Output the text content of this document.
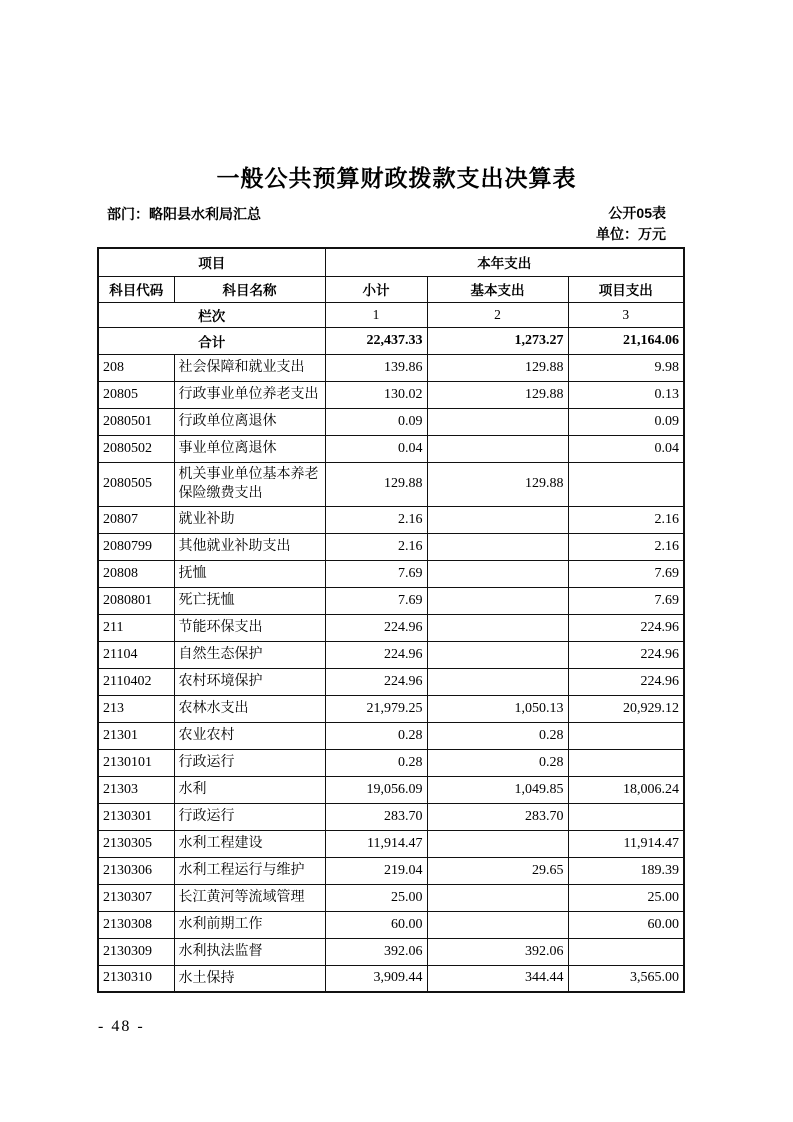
一般公共预算财政拨款支出决算表
部门：略阳县水利局汇总	公开05表
单位：万元
项目		本年支出		
科目代码	科目名称	小计	基本支出	项目支出
栏次		1	2	3
合计		22,437.33	1,273.27	21,164.06
208	社会保障和就业支出	139.86	129.88	9.98
20805	行政事业单位养老支出	130.02	129.88	0.13
2080501	行政单位离退休	0.09		0.09
2080502	事业单位离退休	0.04		0.04
2080505	机关事业单位基本养老保险缴费支出	129.88	129.88	
20807	就业补助	2.16		2.16
2080799	其他就业补助支出	2.16		2.16
20808	抚恤	7.69		7.69
2080801	死亡抚恤	7.69		7.69
211	节能环保支出	224.96		224.96
21104	自然生态保护	224.96		224.96
2110402	农村环境保护	224.96		224.96
213	农林水支出	21,979.25	1,050.13	20,929.12
21301	农业农村	0.28	0.28	
2130101	行政运行	0.28	0.28	
21303	水利	19,056.09	1,049.85	18,006.24
2130301	行政运行	283.70	283.70	
2130305	水利工程建设	11,914.47		11,914.47
2130306	水利工程运行与维护	219.04	29.65	189.39
2130307	长江黄河等流域管理	25.00		25.00
2130308	水利前期工作	60.00		60.00
2130309	水利执法监督	392.06	392.06	
2130310	水土保持	3,909.44	344.44	3,565.00
- 48 -
